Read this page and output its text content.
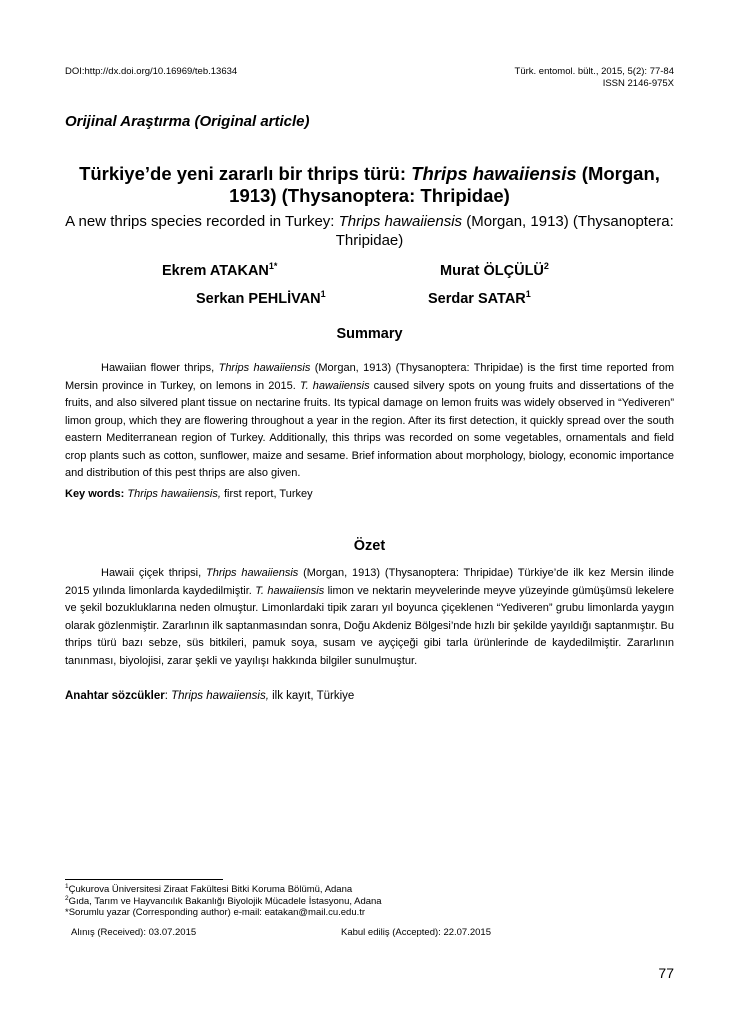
DOI:http://dx.doi.org/10.16969/teb.13634	Türk. entomol. bült., 2015, 5(2): 77-84
ISSN 2146-975X
Orijinal Araştırma (Original article)
Türkiye’de yeni zararlı bir thrips türü: Thrips hawaiiensis (Morgan, 1913) (Thysanoptera: Thripidae)
A new thrips species recorded in Turkey: Thrips hawaiiensis (Morgan, 1913) (Thysanoptera: Thripidae)
Ekrem $ATAKAN^{1*}$	Murat ÖLÇÜLÜ$^2$
Serkan PEHLİVAN$^1$	Serdar SATAR$^1$
Summary

Hawaiian flower thrips, Thrips hawaiiensis (Morgan, 1913) (Thysanoptera: Thripidae) is the first time reported from Mersin province in Turkey, on lemons in 2015. T. hawaiiensis caused silvery spots on young fruits and dissertations of the fruits, and also silvered plant tissue on nectarine fruits. Its typical damage on lemon fruits was widely observed in “Yediveren” limon group, which they are flowering throughout a year in the region. After its first detection, it quickly spread over the south eastern Mediterranean region of Turkey. Additionally, this thrips was recorded on some vegetables, ornamentals and field crop plants such as cotton, sunflower, maize and sesame. Brief information about morphology, biology, economic importance and distribution of this pest thrips are also given.

Key words: Thrips hawaiiensis, first report, Turkey
Özet

Hawaii çiçek thripsi, Thrips hawaiiensis (Morgan, 1913) (Thysanoptera: Thripidae) Türkiye’de ilk kez Mersin ilinde 2015 yılında limonlarda kaydedilmiştir. T. hawaiiensis limon ve nektarin meyvelerinde meyve yüzeyinde gümüşümsü lekelere ve şekil bozukluklarına neden olmuştur. Limonlardaki tipik zararı yıl boyunca çiçeklenen “Yediveren” grubu limonlarda yaygın olarak gözlenmiştir. Zararlının ilk saptanmasından sonra, Doğu Akdeniz Bölgesi’nde hızlı bir şekilde yayıldığı saptanmıştır. Bu thrips türü bazı sebze, süs bitkileri, pamuk soya, susam ve ayçiçeği gibi tarla ürünlerinde de kaydedilmiştir. Zararlının tanınması, biyolojisi, zarar şekli ve yayılışı hakkında bilgiler sunulmuştur.

Anahtar sözcükler: Thrips hawaiiensis, ilk kayıt, Türkiye
$^1$Çukurova Üniversitesi Ziraat Fakültesi Bitki Koruma Bölümü, Adana
$^2$Gıda, Tarım ve Hayvancılık Bakanlığı Biyolojik Mücadele İstasyonu, Adana
*Sorumlu yazar (Corresponding author) e-mail: eatakan@mail.cu.edu.tr
Alınış (Received): 03.07.2015	Kabul ediliş (Accepted): 22.07.2015
77
